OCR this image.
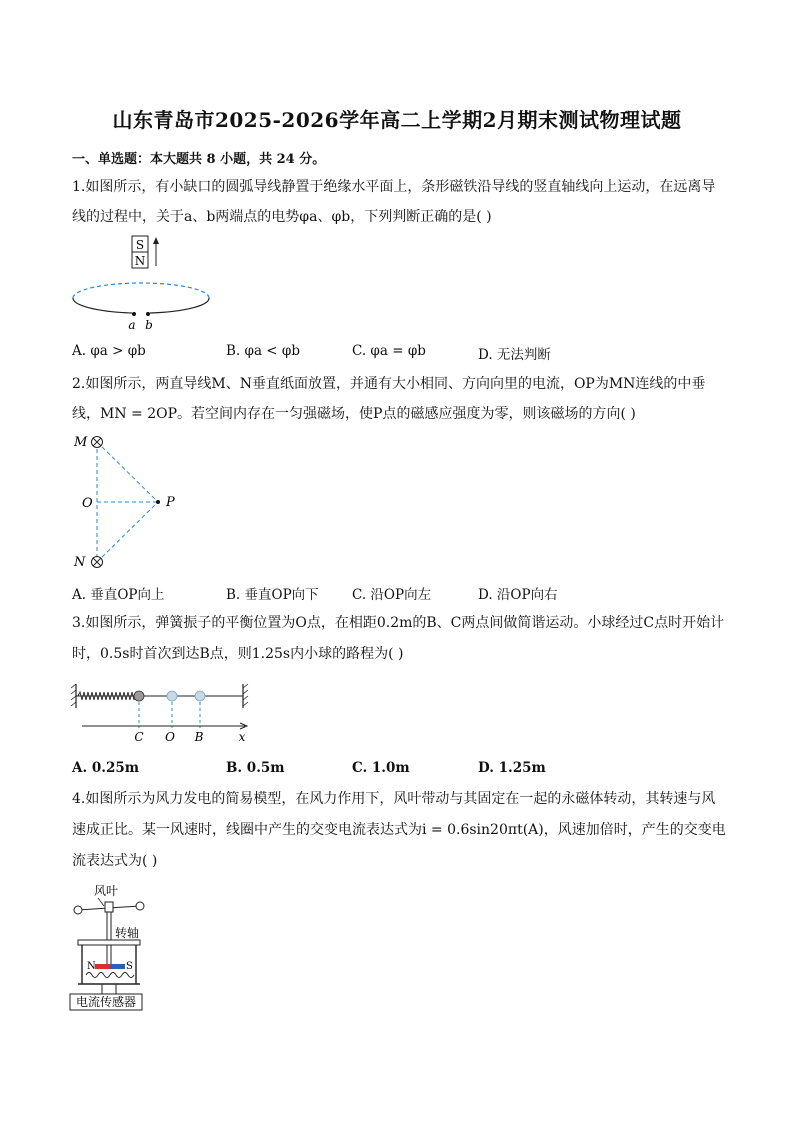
山东青岛市2025-2026学年高二上学期2月期末测试物理试题
一、单选题：本大题共 8 小题，共 24 分。
1.如图所示，有小缺口的圆弧导线静置于绝缘水平面上，条形磁铁沿导线的竖直轴线向上运动，在远离导
线的过程中，关于a、b两端点的电势φa、φb，下列判断正确的是( )
S
N
a b
A. φa > φb	B. φa < φb	C. φa = φb	D. 无法判断
2.如图所示，两直导线M、N垂直纸面放置，并通有大小相同、方向向里的电流，OP为MN连线的中垂
线，MN = 2OP。若空间内存在一匀强磁场，使P点的磁感应强度为零，则该磁场的方向( )
M
N
O	P
A. 垂直OP向上	B. 垂直OP向下 C. 沿OP向左	D. 沿OP向右
3.如图所示，弹簧振子的平衡位置为O点，在相距0.2m的B、C两点间做简谐运动。小球经过C点时开始计
时，0.5s时首次到达B点，则1.25s内小球的路程为( )
C O B	x
A. 0.25m	B. 0.5m	C. 1.0m	D. 1.25m
4.如图所示为风力发电的简易模型，在风力作用下，风叶带动与其固定在一起的永磁体转动，其转速与风
速成正比。某一风速时，线圈中产生的交变电流表达式为i = 0.6sin20πt(A)，风速加倍时，产生的交变电
流表达式为( )
风叶
转轴
N	S
电流传感器
